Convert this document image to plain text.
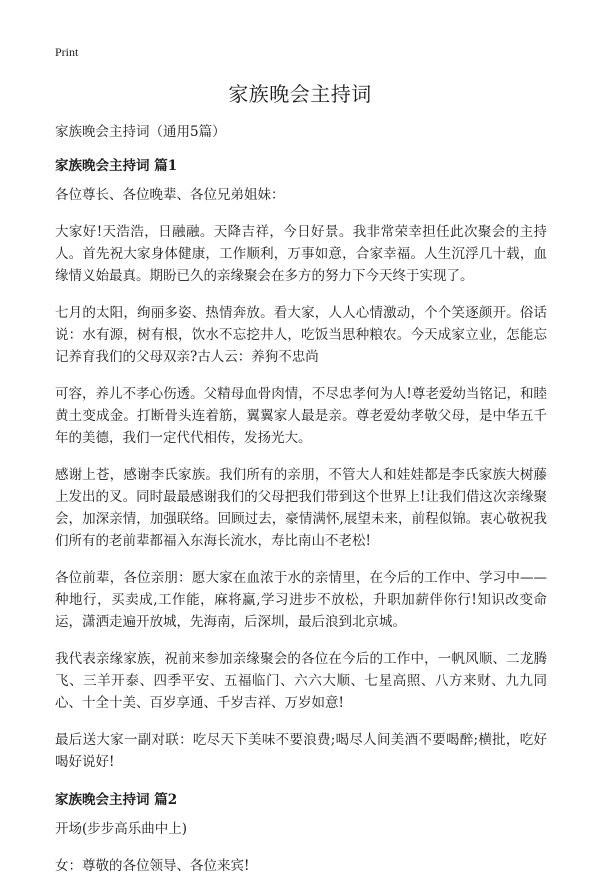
Print
家族晚会主持词

家族晚会主持词（通用5篇）

家族晚会主持词 篇1

各位尊长、各位晚辈、各位兄弟姐妹：

大家好!天浩浩，日融融。天降吉祥，今日好景。我非常荣幸担任此次聚会的主持人。首先祝大家身体健康，工作顺利，万事如意，合家幸福。人生沉浮几十载，血缘情义始最真。期盼已久的亲缘聚会在多方的努力下今天终于实现了。

七月的太阳，绚丽多姿、热情奔放。看大家，人人心情激动，个个笑逐颜开。俗话说：水有源，树有根，饮水不忘挖井人，吃饭当思种粮农。今天成家立业，怎能忘记养育我们的父母双亲?古人云：养狗不忠尚

可容，养儿不孝心伤透。父精母血骨肉情，不尽忠孝何为人!尊老爱幼当铭记，和睦黄土变成金。打断骨头连着筋，翼翼家人最是亲。尊老爱幼孝敬父母，是中华五千年的美德，我们一定代代相传，发扬光大。

感谢上苍，感谢李氏家族。我们所有的亲朋，不管大人和娃娃都是李氏家族大树藤上发出的叉。同时最最感谢我们的父母把我们带到这个世界上!让我们借这次亲缘聚会，加深亲情，加强联络。回顾过去，豪情满怀,展望未来，前程似锦。衷心敬祝我们所有的老前辈都福入东海长流水，寿比南山不老松!

各位前辈，各位亲朋：愿大家在血浓于水的亲情里，在今后的工作中、学习中——种地行，买卖成,工作能，麻将赢,学习进步不放松，升职加薪伴你行!知识改变命运，潇洒走遍开放城，先海南，后深圳，最后浪到北京城。

我代表亲缘家族，祝前来参加亲缘聚会的各位在今后的工作中，一帆风顺、二龙腾飞、三羊开泰、四季平安、五福临门、六六大顺、七星高照、八方来财、九九同心、十全十美、百岁享通、千岁吉祥、万岁如意!

最后送大家一副对联：吃尽天下美味不要浪费;喝尽人间美酒不要喝醉;横批，吃好喝好说好!

家族晚会主持词 篇2

开场(步步高乐曲中上)

女：尊敬的各位领导、各位来宾!
